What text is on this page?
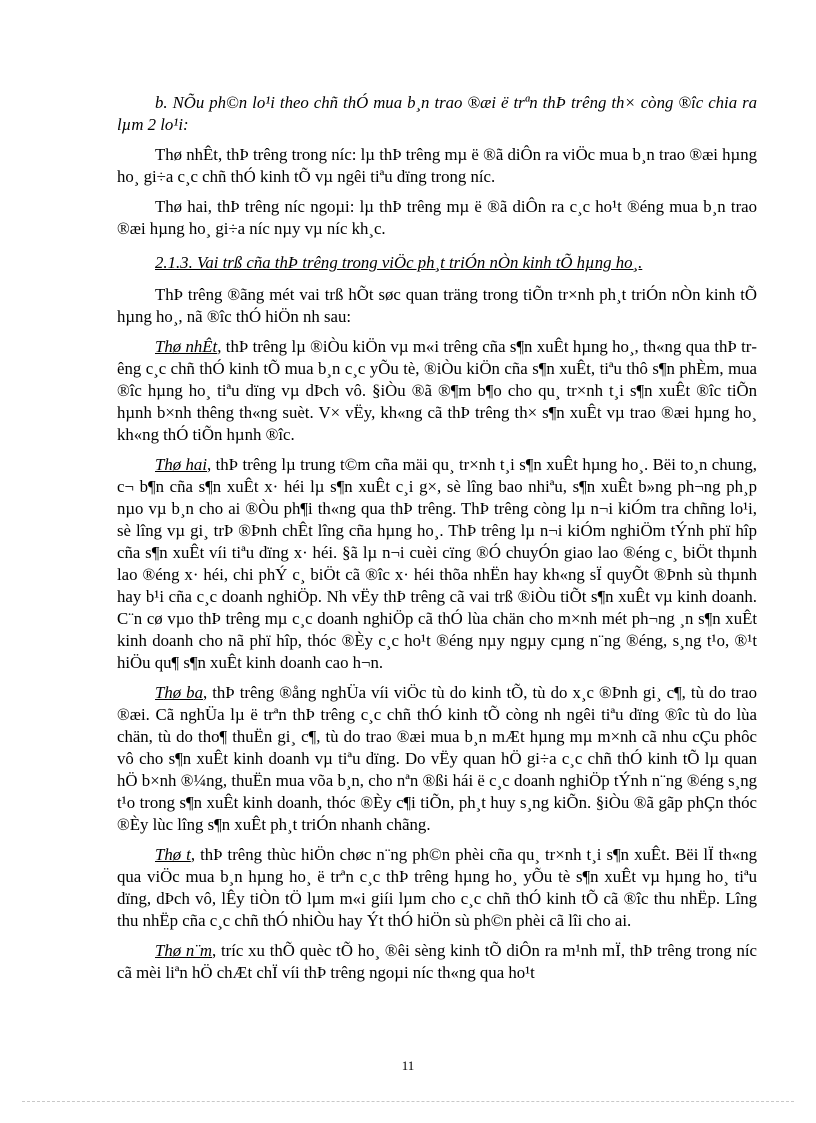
b. NÕu ph©n lo¹i theo chñ thÓ mua b¸n trao ®æi ë trªn thÞ trêng th× còng ®îc chia ra lµm 2 lo¹i:

Thø nhÊt, thÞ trêng trong níc: lµ thÞ trêng mµ ë ®ã diÔn ra viÖc mua b¸n trao ®æi hµng ho¸ gi÷a c¸c chñ thÓ kinh tÕ vµ ngêi tiªu dïng trong níc.

Thø hai, thÞ trêng níc ngoµi: lµ thÞ trêng mµ ë ®ã diÔn ra c¸c ho¹t ®éng mua b¸n trao ®æi hµng ho¸ gi÷a níc nµy vµ níc kh¸c.

2.1.3. Vai trß cña thÞ trêng trong viÖc ph¸t triÓn nÒn kinh tÕ hµng ho¸.

ThÞ trêng ®ãng mét vai trß hÕt søc quan träng trong tiÕn tr×nh ph¸t triÓn nÒn kinh tÕ hµng ho¸, nã ®îc thÓ hiÖn nh sau:

Thø nhÊt, thÞ trêng lµ ®iÒu kiÖn vµ m«i trêng cña s¶n xuÊt hµng ho¸, th«ng qua thÞ trêng c¸c chñ thÓ kinh tÕ mua b¸n c¸c yÕu tè, ®iÒu kiÖn cña s¶n xuÊt, tiªu thô s¶n phÈm, mua ®îc hµng ho¸ tiªu dïng vµ dÞch vô. §iÒu ®ã ®¶m b¶o cho qu¸ tr×nh t¸i s¶n xuÊt ®îc tiÕn hµnh b×nh thêng th«ng suèt. V× vËy, kh«ng cã thÞ trêng th× s¶n xuÊt vµ trao ®æi hµng ho¸ kh«ng thÓ tiÕn hµnh ®îc.

Thø hai, thÞ trêng lµ trung t©m cña mäi qu¸ tr×nh t¸i s¶n xuÊt hµng ho¸. Bëi to¸n chung, c¬ b¶n cña s¶n xuÊt x· héi lµ s¶n xuÊt c¸i g×, sè lîng bao nhiªu, s¶n xuÊt b»ng ph¬ng ph¸p nµo vµ b¸n cho ai ®Òu ph¶i th«ng qua thÞ trêng. ThÞ trêng còng lµ n¬i kiÓm tra chñng lo¹i, sè lîng vµ gi¸ trÞ ®Þnh chÊt lîng cña hµng ho¸. ThÞ trêng lµ n¬i kiÓm nghiÖm tÝnh phï hîp cña s¶n xuÊt víi tiªu dïng x· héi. §ã lµ n¬i cuèi cïng ®Ó chuyÓn giao lao ®éng c¸ biÖt thµnh lao ®éng x· héi, chi phÝ c¸ biÖt cã ®îc x· héi thõa nhËn hay kh«ng sÏ quyÕt ®Þnh sù thµnh hay b¹i cña c¸c doanh nghiÖp. Nh vËy thÞ trêng cã vai trß ®iÒu tiÕt s¶n xuÊt vµ kinh doanh. C¨n cø vµo thÞ trêng mµ c¸c doanh nghiÖp cã thÓ lùa chän cho m×nh mét ph¬ng ¸n s¶n xuÊt kinh doanh cho nã phï hîp, thóc ®Èy c¸c ho¹t ®éng nµy ngµy cµng n¨ng ®éng, s¸ng t¹o, ®¹t hiÖu qu¶ s¶n xuÊt kinh doanh cao h¬n.

Thø ba, thÞ trêng ®ång nghÜa víi viÖc tù do kinh tÕ, tù do x¸c ®Þnh gi¸ c¶, tù do trao ®æi. Cã nghÜa lµ ë trªn thÞ trêng c¸c chñ thÓ kinh tÕ còng nh ngêi tiªu dïng ®îc tù do lùa chän, tù do tho¶ thuËn gi¸ c¶, tù do trao ®æi mua b¸n mÆt hµng mµ m×nh cã nhu cÇu phôc vô cho s¶n xuÊt kinh doanh vµ tiªu dïng. Do vËy quan hÖ gi÷a c¸c chñ thÓ kinh tÕ lµ quan hÖ b×nh ®¼ng, thuËn mua võa b¸n, cho nªn ®ßi hái ë c¸c doanh nghiÖp tÝnh n¨ng ®éng s¸ng t¹o trong s¶n xuÊt kinh doanh, thóc ®Èy c¶i tiÕn, ph¸t huy s¸ng kiÕn. §iÒu ®ã gãp phÇn thóc ®Èy lùc lîng s¶n xuÊt ph¸t triÓn nhanh chãng.

Thø t, thÞ trêng thùc hiÖn chøc n¨ng ph©n phèi cña qu¸ tr×nh t¸i s¶n xuÊt. Bëi lÏ th«ng qua viÖc mua b¸n hµng ho¸ ë trªn c¸c thÞ trêng hµng ho¸ yÕu tè s¶n xuÊt vµ hµng ho¸ tiªu dïng, dÞch vô, lÊy tiÒn tÖ lµm m«i giíi lµm cho c¸c chñ thÓ kinh tÕ cã ®îc thu nhËp. Lîng thu nhËp cña c¸c chñ thÓ nhiÒu hay Ýt thÓ hiÖn sù ph©n phèi cã lîi cho ai.

Thø n¨m, tríc xu thÕ quèc tÕ ho¸ ®êi sèng kinh tÕ diÔn ra m¹nh mÏ, thÞ trêng trong níc cã mèi liªn hÖ chÆt chÏ víi thÞ trêng ngoµi níc th«ng qua ho¹t

11
